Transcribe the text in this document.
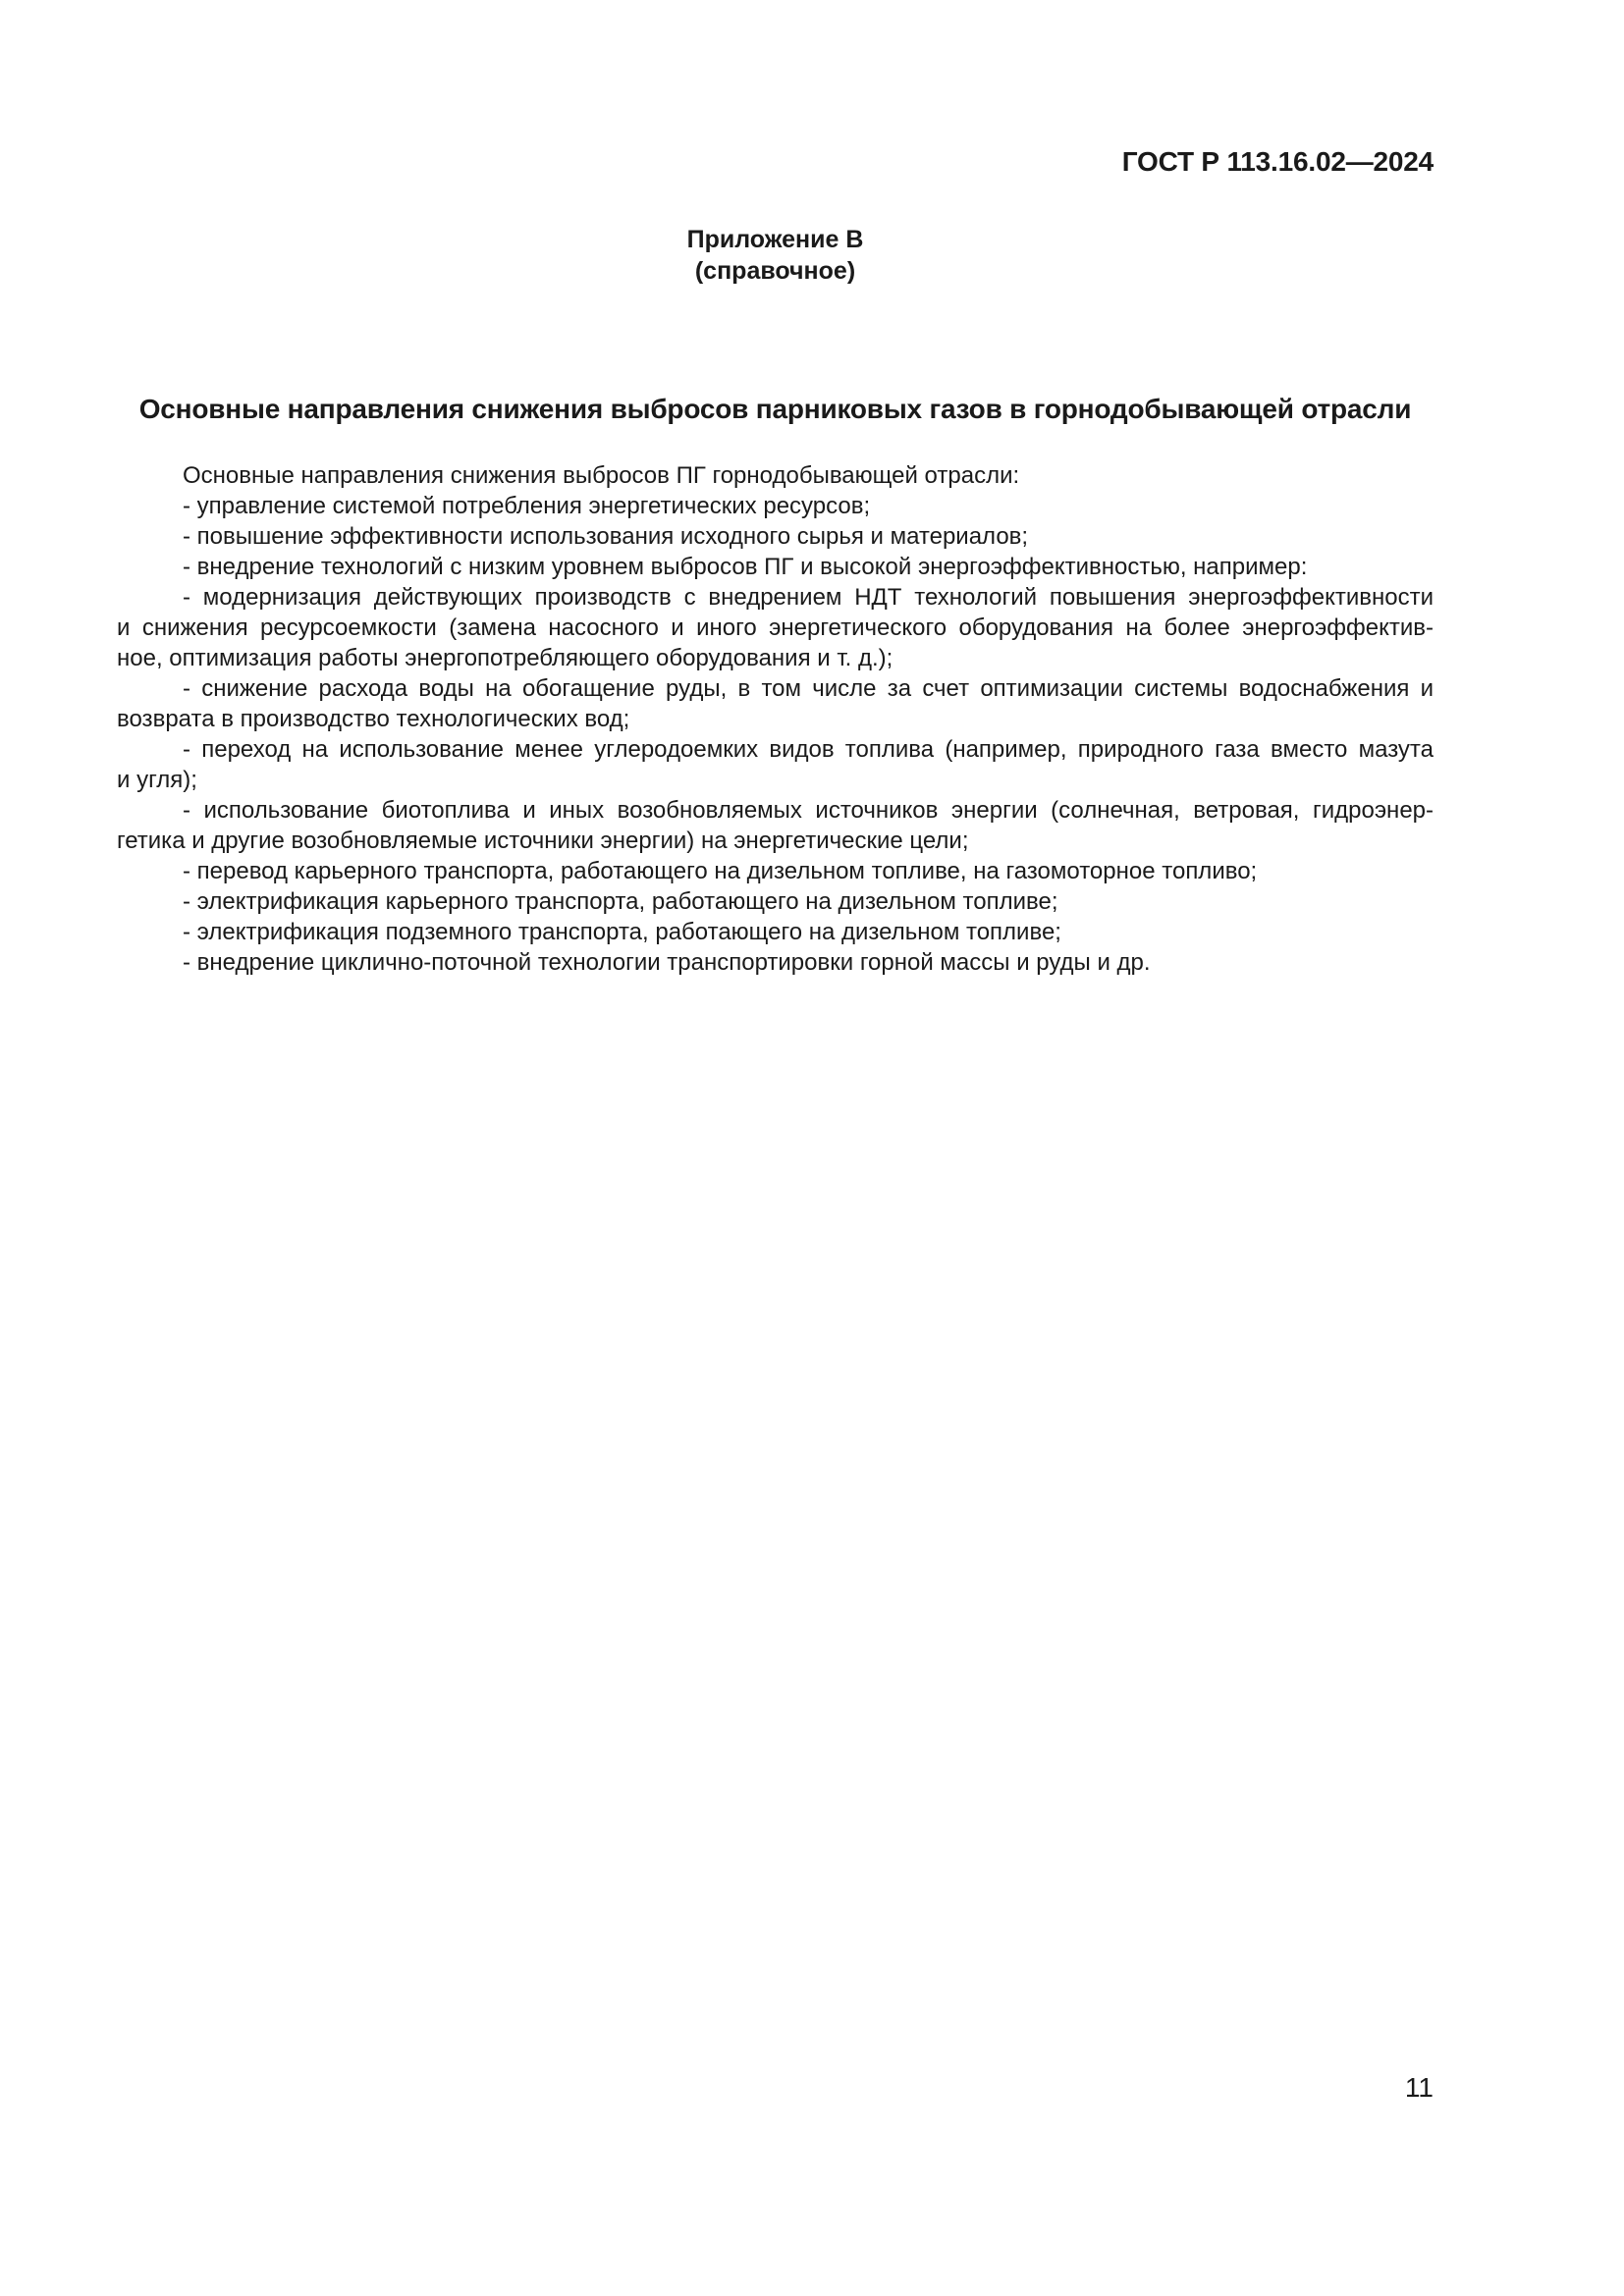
ГОСТ Р 113.16.02—2024
Приложение В
(справочное)
Основные направления снижения выбросов парниковых газов в горнодобывающей отрасли
Основные направления снижения выбросов ПГ горнодобывающей отрасли:
- управление системой потребления энергетических ресурсов;
- повышение эффективности использования исходного сырья и материалов;
- внедрение технологий с низким уровнем выбросов ПГ и высокой энергоэффективностью, например:
- модернизация действующих производств с внедрением НДТ технологий повышения энергоэффективности
и снижения ресурсоемкости (замена насосного и иного энергетического оборудования на более энергоэффектив-
ное, оптимизация работы энергопотребляющего оборудования и т. д.);
- снижение расхода воды на обогащение руды, в том числе за счет оптимизации системы водоснабжения и
возврата в производство технологических вод;
- переход на использование менее углеродоемких видов топлива (например, природного газа вместо мазута
и угля);
- использование биотоплива и иных возобновляемых источников энергии (солнечная, ветровая, гидроэнер-
гетика и другие возобновляемые источники энергии) на энергетические цели;
- перевод карьерного транспорта, работающего на дизельном топливе, на газомоторное топливо;
- электрификация карьерного транспорта, работающего на дизельном топливе;
- электрификация подземного транспорта, работающего на дизельном топливе;
- внедрение циклично-поточной технологии транспортировки горной массы и руды и др.
11
